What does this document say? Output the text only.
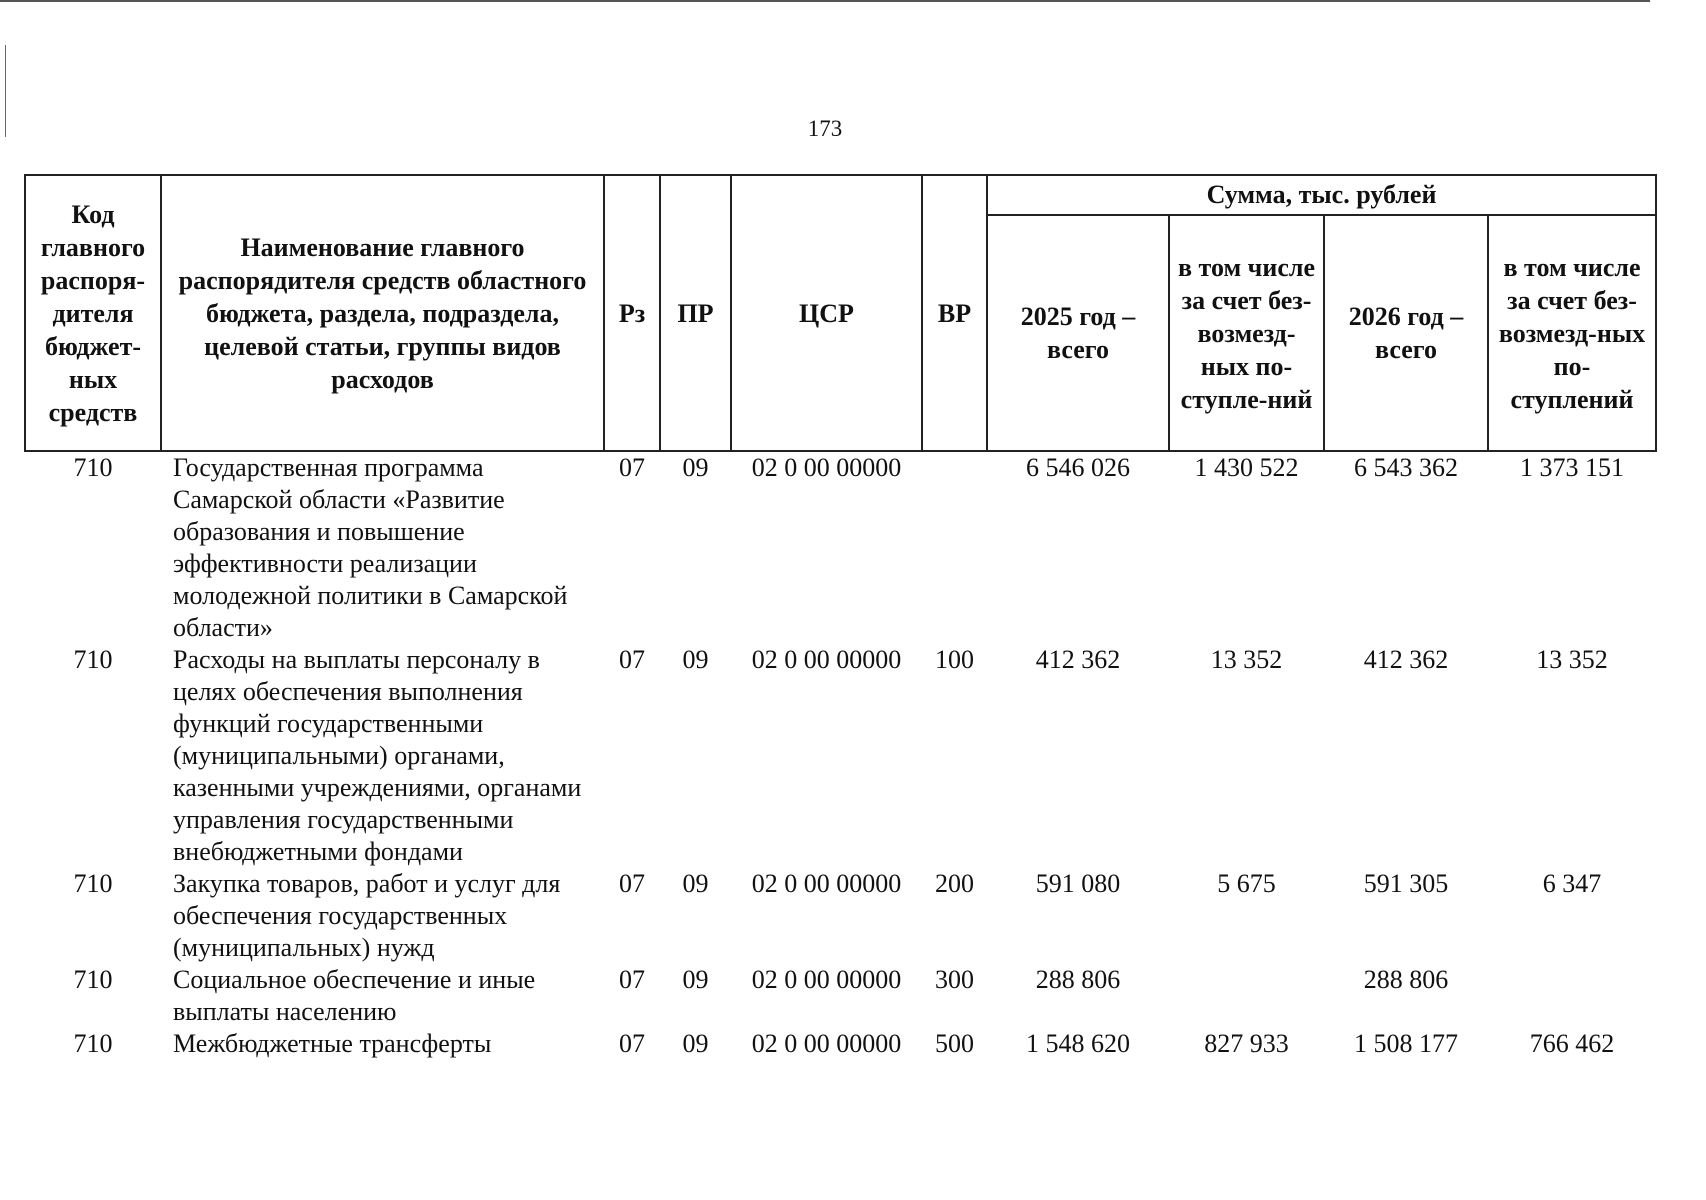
173
Код главного распоря-дителя бюджет-ных средств	Наименование главного распорядителя средств областного бюджета, раздела, подраздела, целевой статьи, группы видов расходов	Рз	ПР	ЦСР	ВР	Сумма, тыс. рублей			
						2025 год – всего	в том числе за счет без-возмезд-ных по-ступле-ний	2026 год – всего	в том числе за счет без-возмезд-ных по-ступлений
710	Государственная программа Самарской области «Развитие образования и повышение эффективности реализации молодежной политики в Самарской области»	07	09	02 0 00 00000		6 546 026	1 430 522	6 543 362	1 373 151
710	Расходы на выплаты персоналу в целях обеспечения выполнения функций государственными (муниципальными) органами, казенными учреждениями, органами управления государственными внебюджетными фондами	07	09	02 0 00 00000	100	412 362	13 352	412 362	13 352
710	Закупка товаров, работ и услуг для обеспечения государственных (муниципальных) нужд	07	09	02 0 00 00000	200	591 080	5 675	591 305	6 347
710	Социальное обеспечение и иные выплаты населению	07	09	02 0 00 00000	300	288 806		288 806	
710	Межбюджетные трансферты	07	09	02 0 00 00000	500	1 548 620	827 933	1 508 177	766 462
